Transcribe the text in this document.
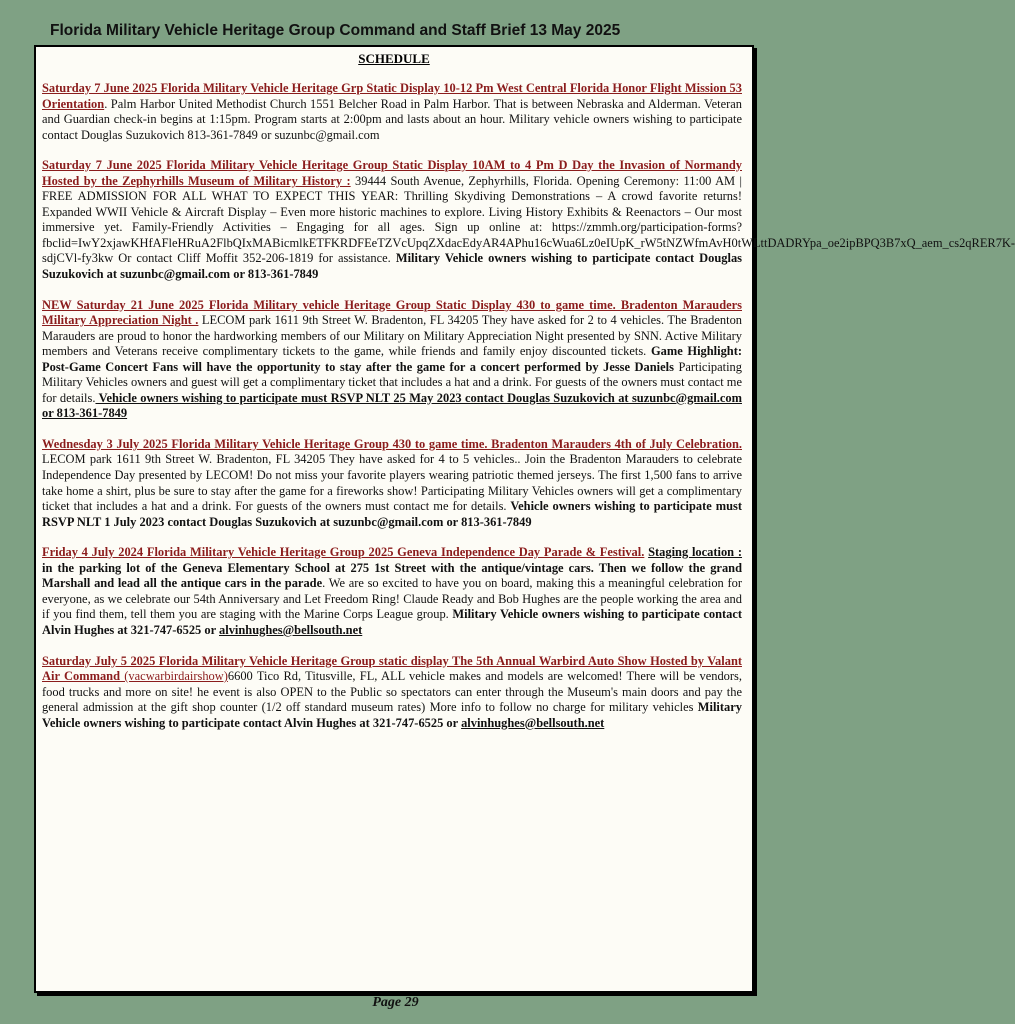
Florida Military Vehicle Heritage Group Command and Staff Brief 13 May 2025
SCHEDULE
Saturday 7 June 2025 Florida Military Vehicle Heritage Grp Static Display 10-12 Pm West Central Florida Honor Flight Mission 53 Orientation. Palm Harbor United Methodist Church 1551 Belcher Road in Palm Harbor. That is between Nebraska and Alderman. Veteran and Guardian check-in begins at 1:15pm. Program starts at 2:00pm and lasts about an hour. Military vehicle owners wishing to participate contact Douglas Suzukovich 813-361-7849 or suzunbc@gmail.com
Saturday 7 June 2025 Florida Military Vehicle Heritage Group Static Display 10AM to 4 Pm D Day the Invasion of Normandy Hosted by the Zephyrhills Museum of Military History : 39444 South Avenue, Zephyrhills, Florida. Opening Ceremony: 11:00 AM | FREE ADMISSION FOR ALL WHAT TO EXPECT THIS YEAR: Thrilling Skydiving Demonstrations – A crowd favorite returns! Expanded WWII Vehicle & Aircraft Display – Even more historic machines to explore. Living History Exhibits & Reenactors – Our most immersive yet. Family-Friendly Activities – Engaging for all ages. Sign up online at: https://zmmh.org/participation-forms?fbclid=IwY2xjawKHfAFleHRuA2FlbQIxMABicmlkETFKRDFEeTZVcUpqZXdacEdyAR4APhu16cWua6Lz0eIUpK_rW5tNZWfmAvH0tWLttDADRYpa_oe2ipBPQ3B7xQ_aem_cs2qRER7K-sdjCVl-fy3kw Or contact Cliff Moffit 352-206-1819 for assistance. Military Vehicle owners wishing to participate contact Douglas Suzukovich at suzunbc@gmail.com or 813-361-7849
NEW Saturday 21 June 2025 Florida Military vehicle Heritage Group Static Display 430 to game time. Bradenton Marauders Military Appreciation Night . LECOM park 1611 9th Street W. Bradenton, FL 34205 They have asked for 2 to 4 vehicles. The Bradenton Marauders are proud to honor the hardworking members of our Military on Military Appreciation Night presented by SNN. Active Military members and Veterans receive complimentary tickets to the game, while friends and family enjoy discounted tickets. Game Highlight: Post-Game Concert Fans will have the opportunity to stay after the game for a concert performed by Jesse Daniels Participating Military Vehicles owners and guest will get a complimentary ticket that includes a hat and a drink. For guests of the owners must contact me for details. Vehicle owners wishing to participate must RSVP NLT 25 May 2023 contact Douglas Suzukovich at suzunbc@gmail.com or 813-361-7849
Wednesday 3 July 2025 Florida Military Vehicle Heritage Group 430 to game time. Bradenton Marauders 4th of July Celebration. LECOM park 1611 9th Street W. Bradenton, FL 34205 They have asked for 4 to 5 vehicles.. Join the Bradenton Marauders to celebrate Independence Day presented by LECOM! Do not miss your favorite players wearing patriotic themed jerseys. The first 1,500 fans to arrive take home a shirt, plus be sure to stay after the game for a fireworks show! Participating Military Vehicles owners will get a complimentary ticket that includes a hat and a drink. For guests of the owners must contact me for details. Vehicle owners wishing to participate must RSVP NLT 1 July 2023 contact Douglas Suzukovich at suzunbc@gmail.com or 813-361-7849
Friday 4 July 2024 Florida Military Vehicle Heritage Group 2025 Geneva Independence Day Parade & Festival. Staging location : in the parking lot of the Geneva Elementary School at 275 1st Street with the antique/vintage cars. Then we follow the grand Marshall and lead all the antique cars in the parade. We are so excited to have you on board, making this a meaningful celebration for everyone, as we celebrate our 54th Anniversary and Let Freedom Ring! Claude Ready and Bob Hughes are the people working the area and if you find them, tell them you are staging with the Marine Corps League group. Military Vehicle owners wishing to participate contact Alvin Hughes at 321-747-6525 or alvinhughes@bellsouth.net
Saturday July 5 2025 Florida Military Vehicle Heritage Group static display The 5th Annual Warbird Auto Show Hosted by Valant Air Command (vacwarbirdairshow)6600 Tico Rd, Titusville, FL, ALL vehicle makes and models are welcomed! There will be vendors, food trucks and more on site! he event is also OPEN to the Public so spectators can enter through the Museum's main doors and pay the general admission at the gift shop counter (1/2 off standard museum rates) More info to follow no charge for military vehicles Military Vehicle owners wishing to participate contact Alvin Hughes at 321-747-6525 or alvinhughes@bellsouth.net
Page 29
